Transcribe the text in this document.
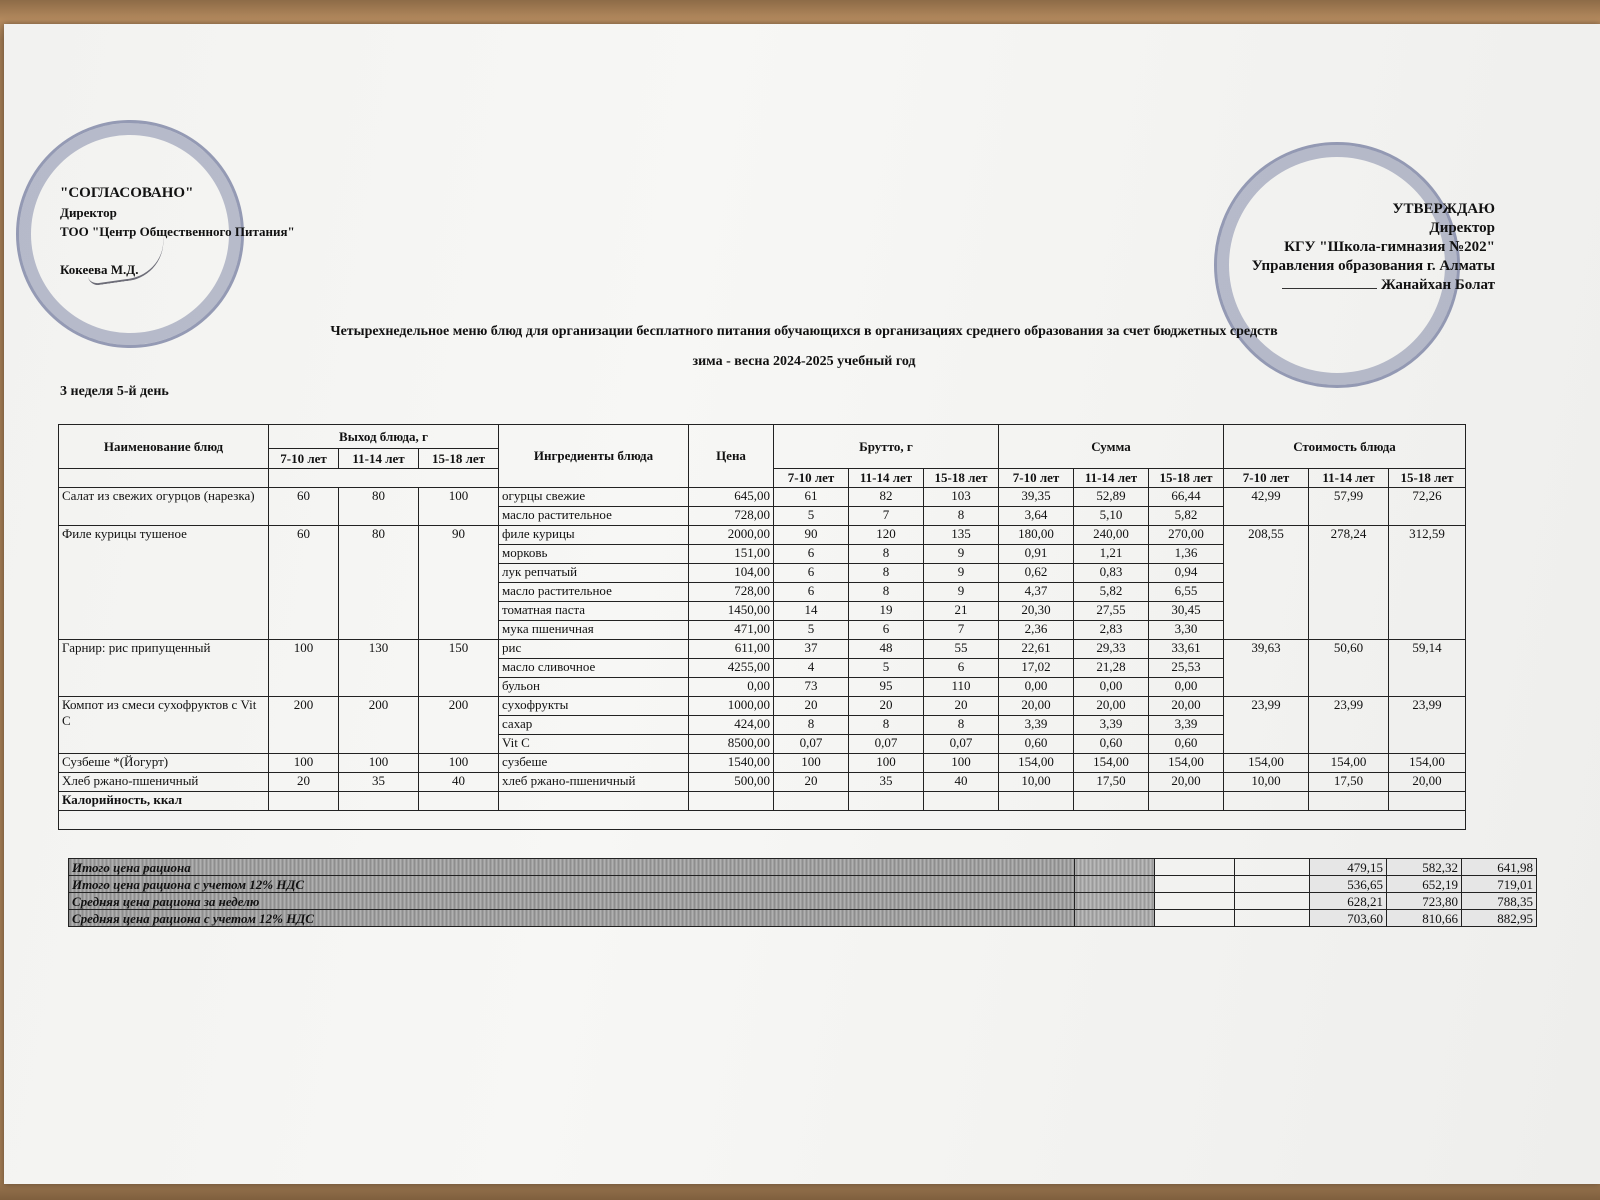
"СОГЛАСОВАНО"
Директор
ТОО "Центр Общественного Питания"
Кокеева М.Д.
УТВЕРЖДАЮ
Директор
КГУ "Школа-гимназия №202"
Управления образования г. Алматы
Жанайхан Болат
Четырехнедельное меню блюд для организации бесплатного питания обучающихся в организациях среднего образования за счет бюджетных средств
зима - весна 2024-2025 учебный год
3 неделя 5-й день
Наименование блюд	Выход блюда, г			Ингредиенты блюда	Цена	Брутто, г			Сумма			Стоимость блюда		
	7-10 лет	11-14 лет	15-18 лет											
						7-10 лет	11-14 лет	15-18 лет	7-10 лет	11-14 лет	15-18 лет	7-10 лет	11-14 лет	15-18 лет
Салат из свежих огурцов (нарезка)	60	80	100	огурцы свежие	645,00	61	82	103	39,35	52,89	66,44	42,99	57,99	72,26
				масло растительное	728,00	5	7	8	3,64	5,10	5,82			
Филе курицы тушеное	60	80	90	филе курицы	2000,00	90	120	135	180,00	240,00	270,00	208,55	278,24	312,59
				морковь	151,00	6	8	9	0,91	1,21	1,36			
				лук репчатый	104,00	6	8	9	0,62	0,83	0,94			
				масло растительное	728,00	6	8	9	4,37	5,82	6,55			
				томатная паста	1450,00	14	19	21	20,30	27,55	30,45			
				мука пшеничная	471,00	5	6	7	2,36	2,83	3,30			
Гарнир: рис припущенный	100	130	150	рис	611,00	37	48	55	22,61	29,33	33,61	39,63	50,60	59,14
				масло сливочное	4255,00	4	5	6	17,02	21,28	25,53			
				бульон	0,00	73	95	110	0,00	0,00	0,00			
Компот из смеси сухофруктов с Vit C	200	200	200	сухофрукты	1000,00	20	20	20	20,00	20,00	20,00	23,99	23,99	23,99
				сахар	424,00	8	8	8	3,39	3,39	3,39			
				Vit C	8500,00	0,07	0,07	0,07	0,60	0,60	0,60			
Сузбеше *(Йогурт)	100	100	100	сузбеше	1540,00	100	100	100	154,00	154,00	154,00	154,00	154,00	154,00
Хлеб ржано-пшеничный	20	35	40	хлеб ржано-пшеничный	500,00	20	35	40	10,00	17,50	20,00	10,00	17,50	20,00
Калорийность, ккал														

Итого цена рациона				479,15	582,32	641,98
Итого цена рациона с учетом 12% НДС				536,65	652,19	719,01
Средняя цена рациона за неделю				628,21	723,80	788,35
Средняя цена рациона с учетом 12% НДС				703,60	810,66	882,95
